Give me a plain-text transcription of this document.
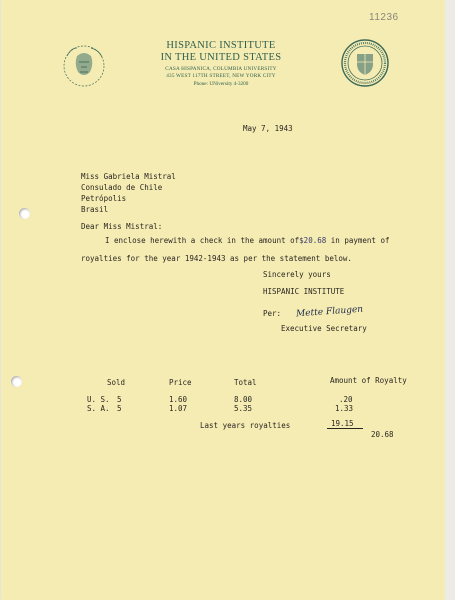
11236
HISPANIC INSTITUTE
IN THE UNITED STATES
CASA HISPANICA, COLUMBIA UNIVERSITY
435 WEST 117TH STREET, NEW YORK CITY
Phone: UNiversity 4-3200
May 7, 1943
Miss Gabriela Mistral
Consulado de Chile
Petrópolis
Brasil
Dear Miss Mistral:
I enclose herewith a check in the amount of$20.68 in payment of
royalties for the year 1942-1943 as per the statement below.
Sincerely yours
HISPANIC INSTITUTE
Per: Mette Flaugen
Executive Secretary
Sold	Price	Total	Amount of Royalty
U. S. 5	1.60	8.00	.20
S. A. 5	1.07	5.35	1.33
Last years royalties	19.15
20.68
